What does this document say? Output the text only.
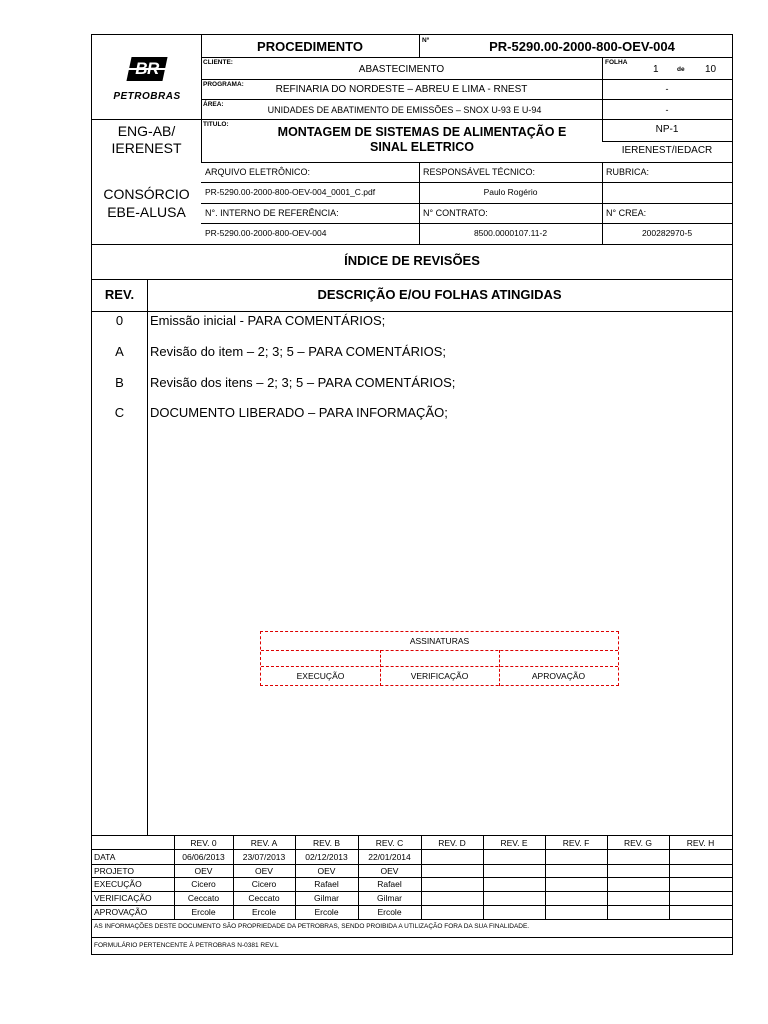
BR
PETROBRAS
PROCEDIMENTO	Nº	PR-5290.00-2000-800-OEV-004
CLIENTE:
ABASTECIMENTO
FOLHA
1	de 10
PROGRAMA:	REFINARIA DO NORDESTE – ABREU E LIMA - RNEST	-
ÁREA:
UNIDADES DE ABATIMENTO DE EMISSÕES – SNOX U-93 E U-94	-
ENG-AB/
IERENEST
TITULO:
MONTAGEM DE SISTEMAS DE ALIMENTAÇÃO E
SINAL ELETRICO
NP-1
IERENEST/IEDACR
CONSÓRCIO
EBE-ALUSA
ARQUIVO ELETRÔNICO:	RESPONSÁVEL TÉCNICO:	RUBRICA:
PR-5290.00-2000-800-OEV-004_0001_C.pdf	Paulo Rogério
N°. INTERNO DE REFERÊNCIA:	N° CONTRATO:	N° CREA:
PR-5290.00-2000-800-OEV-004	8500.0000107.11-2	200282970-5
ÍNDICE DE REVISÕES
REV.	DESCRIÇÃO E/OU FOLHAS ATINGIDAS
0	Emissão inicial - PARA COMENTÁRIOS;
A	Revisão do item – 2; 3; 5 – PARA COMENTÁRIOS;
B	Revisão dos itens – 2; 3; 5 – PARA COMENTÁRIOS;
C	DOCUMENTO LIBERADO – PARA INFORMAÇÃO;
ASSINATURAS
EXECUÇÃO	VERIFICAÇÃO	APROVAÇÃO
REV. 0	REV. A	REV. B	REV. C	REV. D	REV. E	REV. F	REV. G	REV. H
DATA	06/06/2013	23/07/2013	02/12/2013	22/01/2014
PROJETO	OEV	OEV	OEV	OEV
EXECUÇÃO	Cicero	Cicero	Rafael	Rafael
VERIFICAÇÃO	Ceccato	Ceccato	Gilmar	Gilmar
APROVAÇÃO	Ercole	Ercole	Ercole	Ercole
AS INFORMAÇÕES DESTE DOCUMENTO SÃO PROPRIEDADE DA PETROBRAS, SENDO PROIBIDA A UTILIZAÇÃO FORA DA SUA FINALIDADE.
FORMULÁRIO PERTENCENTE À PETROBRAS N-0381 REV.L
